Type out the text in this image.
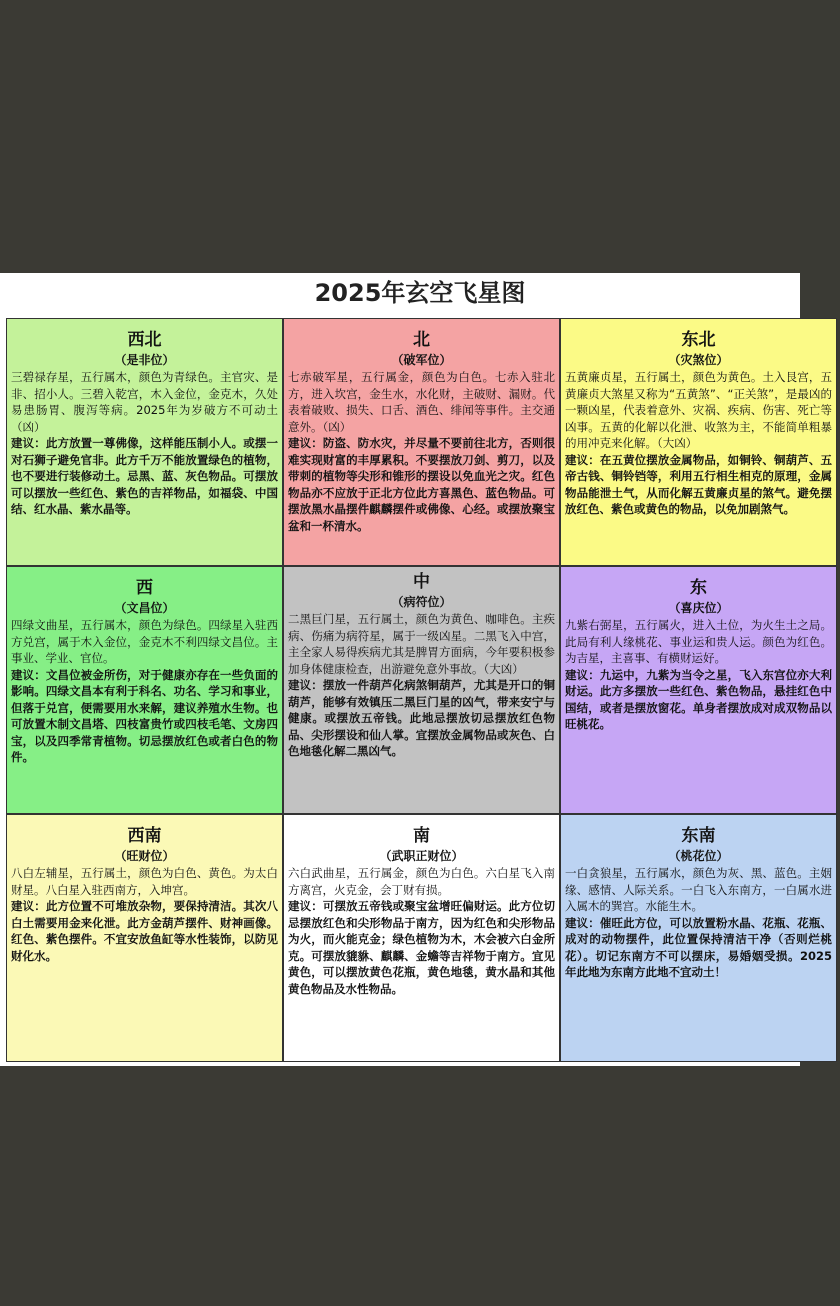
2025年玄空飞星图
西北
（是非位）
三碧禄存星，五行属木，颜色为青绿色。主官灾、是非、招小人。三碧入乾宫，木入金位，金克木，久处易患肠胃、腹泻等病。2025年为岁破方不可动土（凶）
建议：此方放置一尊佛像，这样能压制小人。或摆一对石狮子避免官非。此方千万不能放置绿色的植物，也不要进行装修动土。忌黑、蓝、灰色物品。可摆放可以摆放一些红色、紫色的吉祥物品，如福袋、中国结、红水晶、紫水晶等。
北
（破军位）
七赤破军星，五行属金，颜色为白色。七赤入驻北方，进入坎宫，金生水，水化财，主破财、漏财。代表着破败、损失、口舌、酒色、绯闻等事件。主交通意外。（凶）
建议：防盗、防水灾，并尽量不要前往北方，否则很难实现财富的丰厚累积。不要摆放刀剑、剪刀，以及带刺的植物等尖形和锥形的摆设以免血光之灾。红色物品亦不应放于正北方位此方喜黑色、蓝色物品。可摆放黑水晶摆件麒麟摆件或佛像、心经。或摆放聚宝盆和一杯清水。
东北
（灾煞位）
五黄廉贞星，五行属土，颜色为黄色。土入艮宫，五黄廉贞大煞星又称为“五黄煞”、“正关煞”，是最凶的一颗凶星，代表着意外、灾祸、疾病、伤害、死亡等凶事。五黄的化解以化泄、收煞为主，不能简单粗暴的用冲克来化解。（大凶）
建议：在五黄位摆放金属物品，如铜铃、铜葫芦、五帝古钱、铜铃铛等，利用五行相生相克的原理，金属物品能泄土气，从而化解五黄廉贞星的煞气。避免摆放红色、紫色或黄色的物品，以免加剧煞气。
西
（文昌位）
四绿文曲星，五行属木，颜色为绿色。四绿星入驻西方兑宫，属于木入金位，金克木不利四绿文昌位。主事业、学业、官位。
建议：文昌位被金所伤，对于健康亦存在一些负面的影响。四绿文昌本有利于科名、功名、学习和事业，但落于兑宫，便需要用水来解，建议养殖水生物。也可放置木制文昌塔、四枝富贵竹或四枝毛笔、文房四宝，以及四季常青植物。切忌摆放红色或者白色的物件。
中
（病符位）
二黑巨门星，五行属土，颜色为黄色、咖啡色。主疾病、伤痛为病符星，属于一级凶星。二黑飞入中宫，主全家人易得疾病尤其是脾胃方面病，今年要积极参加身体健康检查，出游避免意外事故。（大凶）
建议：摆放一件葫芦化病煞铜葫芦，尤其是开口的铜葫芦，能够有效镇压二黑巨门星的凶气，带来安宁与健康。或摆放五帝钱。此地忌摆放切忌摆放红色物品、尖形摆设和仙人掌。宜摆放金属物品或灰色、白色地毯化解二黑凶气。
东
（喜庆位）
九紫右弼星，五行属火，进入土位，为火生土之局。此局有利人缘桃花、事业运和贵人运。颜色为红色。为吉星，主喜事、有横财运好。
建议：九运中，九紫为当令之星，飞入东宫位亦大利财运。此方多摆放一些红色、紫色物品，悬挂红色中国结，或者是摆放窗花。单身者摆放成对成双物品以旺桃花。
西南
（旺财位）
八白左辅星，五行属土，颜色为白色、黄色。为太白财星。八白星入驻西南方，入坤宫。
建议：此方位置不可堆放杂物，要保持清洁。其次八白土需要用金来化泄。此方金葫芦摆件、财神画像。红色、紫色摆件。不宜安放鱼缸等水性装饰，以防见财化水。
南
（武职正财位）
六白武曲星，五行属金，颜色为白色。六白星飞入南方离宫，火克金，会丁财有损。
建议：可摆放五帝钱或聚宝盆增旺偏财运。此方位切忌摆放红色和尖形物品于南方，因为红色和尖形物品为火，而火能克金；绿色植物为木，木会被六白金所克。可摆放貔貅、麒麟、金蟾等吉祥物于南方。宜见黄色，可以摆放黄色花瓶，黄色地毯，黄水晶和其他黄色物品及水性物品。
东南
（桃花位）
一白贪狼星，五行属水，颜色为灰、黑、蓝色。主姻缘、感情、人际关系。一白飞入东南方，一白属水进入属木的巽宫。水能生木。
建议：催旺此方位，可以放置粉水晶、花瓶、花瓶、成对的动物摆件，此位置保持清洁干净（否则烂桃花）。切记东南方不可以摆床，易婚姻受损。2025年此地为东南方此地不宜动土！
